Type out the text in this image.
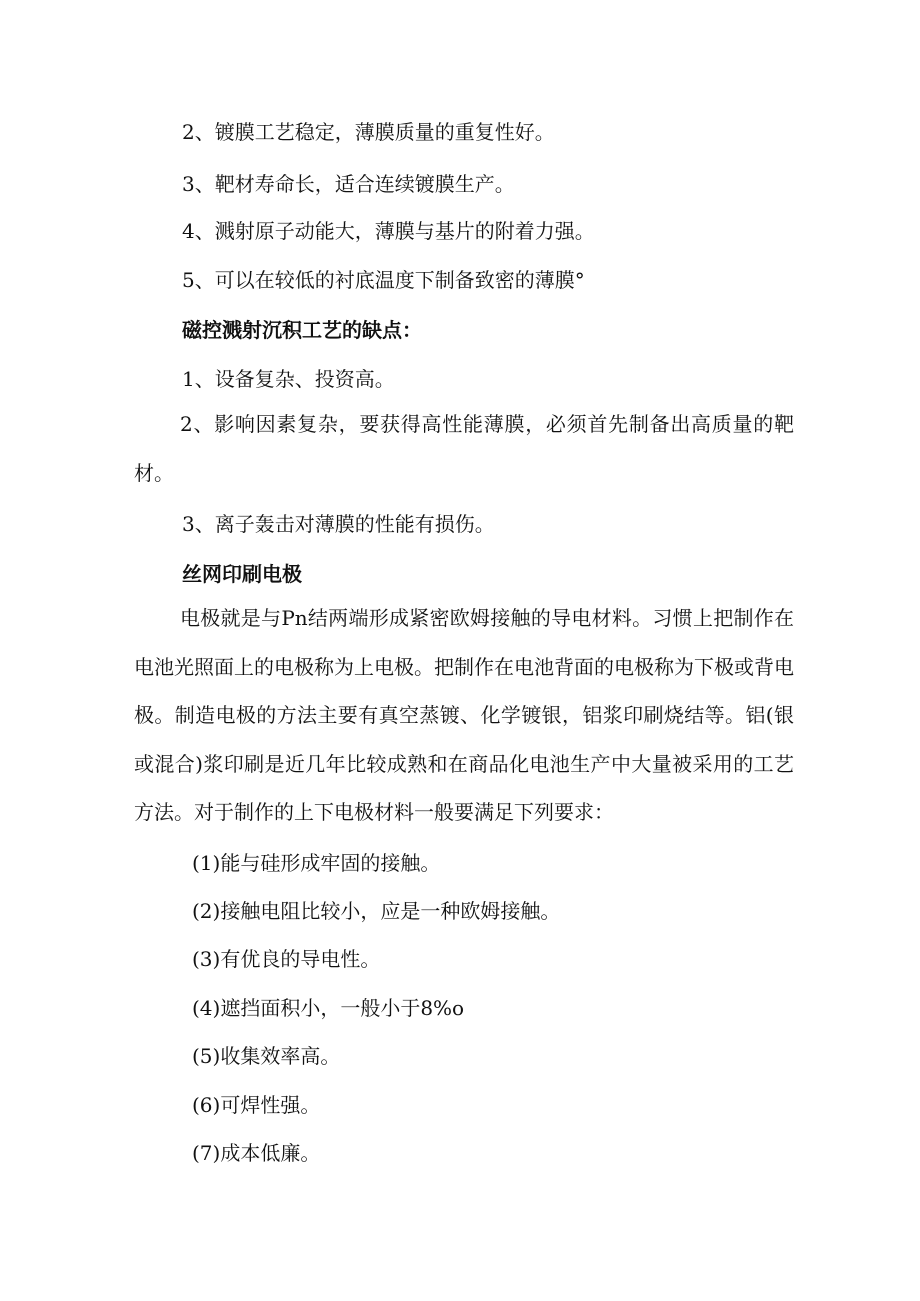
2、镀膜工艺稳定，薄膜质量的重复性好。
3、靶材寿命长，适合连续镀膜生产。
4、溅射原子动能大，薄膜与基片的附着力强。
5、可以在较低的衬底温度下制备致密的薄膜°
磁控溅射沉积工艺的缺点：
1、设备复杂、投资高。
2、影响因素复杂，要获得高性能薄膜，必须首先制备出高质量的靶材。
3、离子轰击对薄膜的性能有损伤。
丝网印刷电极
电极就是与Pn结两端形成紧密欧姆接触的导电材料。习惯上把制作在电池光照面上的电极称为上电极。把制作在电池背面的电极称为下极或背电极。制造电极的方法主要有真空蒸镀、化学镀银，铝浆印刷烧结等。铝(银或混合)浆印刷是近几年比较成熟和在商品化电池生产中大量被采用的工艺方法。对于制作的上下电极材料一般要满足下列要求：
(1)能与硅形成牢固的接触。
(2)接触电阻比较小，应是一种欧姆接触。
(3)有优良的导电性。
(4)遮挡面积小，一般小于8%o
(5)收集效率高。
(6)可焊性强。
(7)成本低廉。
